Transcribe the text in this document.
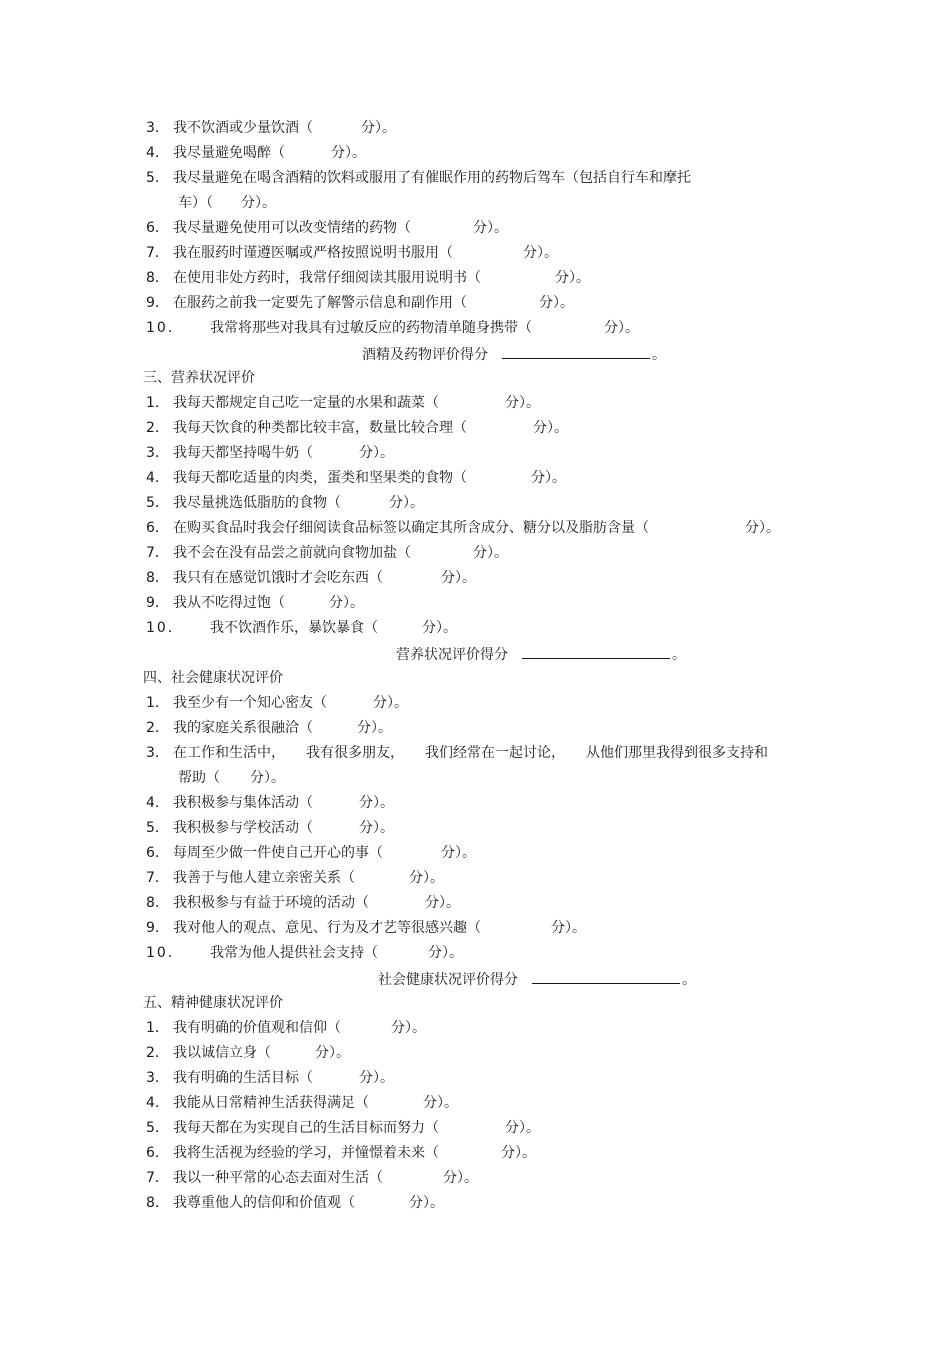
3． 我不饮酒或少量饮酒（	分）。
4． 我尽量避免喝醉（	分）。
5． 我尽量避免在喝含酒精的饮料或服用了有催眠作用的药物后驾车（包括自行车和摩托
6． 我尽量避免使用可以改变情绪的药物（	分）。
7． 我在服药时谨遵医嘱或严格按照说明书服用（	分）。
8． 在使用非处方药时，我常仔细阅读其服用说明书（	分）。
9． 在服药之前我一定要先了解警示信息和副作用（	分）。
10． 我常将那些对我具有过敏反应的药物清单随身携带（	分）。
车）（ 分）。
酒精及药物评价得分	。
三、营养状况评价
1． 我每天都规定自己吃一定量的水果和蔬菜（	分）。
2． 我每天饮食的种类都比较丰富，数量比较合理（	分）。
3． 我每天都坚持喝牛奶（	分）。
4． 我每天都吃适量的肉类，蛋类和坚果类的食物（	分）。
5． 我尽量挑选低脂肪的食物（	分）。
6． 在购买食品时我会仔细阅读食品标签以确定其所含成分、糖分以及脂肪含量（	分）。
7． 我不会在没有品尝之前就向食物加盐（	分）。
8． 我只有在感觉饥饿时才会吃东西（	分）。
9． 我从不吃得过饱（	分）。
10． 我不饮酒作乐，暴饮暴食（	分）。
营养状况评价得分	。
四、社会健康状况评价
1． 我至少有一个知心密友（	分）。
2． 我的家庭关系很融洽（	分）。
3． 在工作和生活中，　　我有很多朋友，　　我们经常在一起讨论，　　从他们那里我得到很多支持和
4． 我积极参与集体活动（	分）。
5． 我积极参与学校活动（	分）。
6． 每周至少做一件使自己开心的事（	分）。
7． 我善于与他人建立亲密关系（	分）。
8． 我积极参与有益于环境的活动（	分）。
9． 我对他人的观点、意见、行为及才艺等很感兴趣（	分）。
10． 我常为他人提供社会支持（	分）。
帮助（ 分）。
社会健康状况评价得分	。
五、精神健康状况评价
1． 我有明确的价值观和信仰（	分）。
2． 我以诚信立身（	分）。
3． 我有明确的生活目标（	分）。
4． 我能从日常精神生活获得满足（	分）。
5． 我每天都在为实现自己的生活目标而努力（	分）。
6． 我将生活视为经验的学习，并憧憬着未来（	分）。
7． 我以一种平常的心态去面对生活（	分）。
8． 我尊重他人的信仰和价值观（	分）。
